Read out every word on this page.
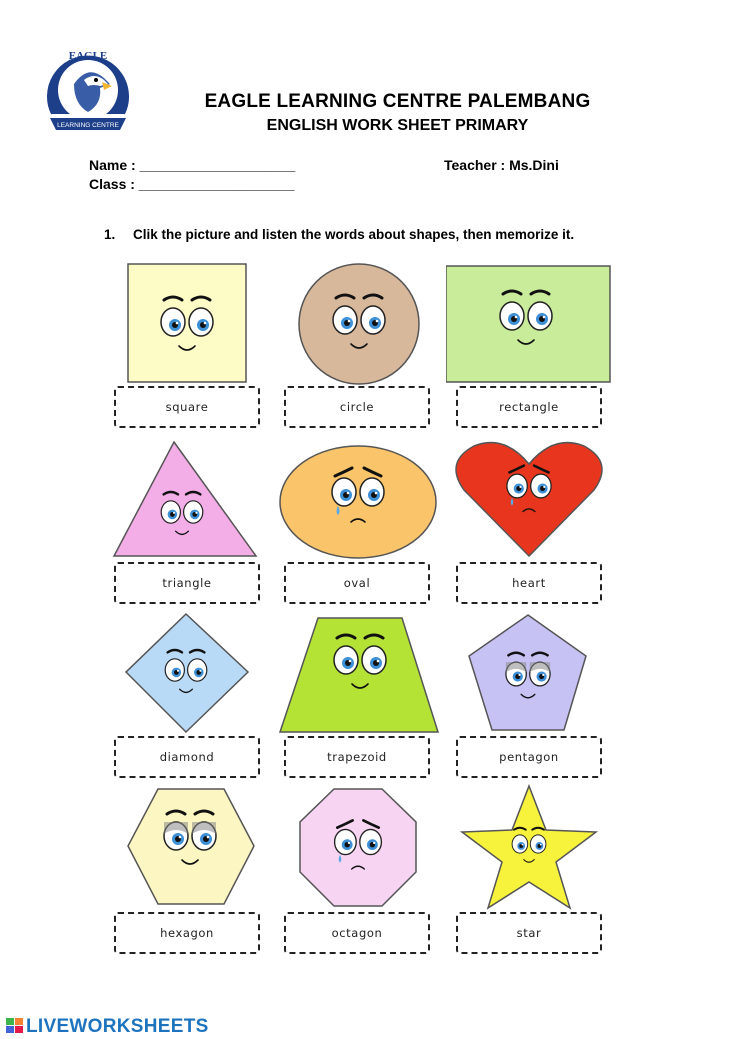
EAGLE
LEARNING CENTRE
EAGLE LEARNING CENTRE PALEMBANG
ENGLISH WORK SHEET PRIMARY
Name : ____________________
Class : ____________________
Teacher : Ms.Dini
1. Clik the picture and listen the words about shapes, then memorize it.
square	circle	rectangle
triangle	oval	heart
diamond	trapezoid	pentagon
hexagon	octagon	star
LIVEWORKSHEETS
